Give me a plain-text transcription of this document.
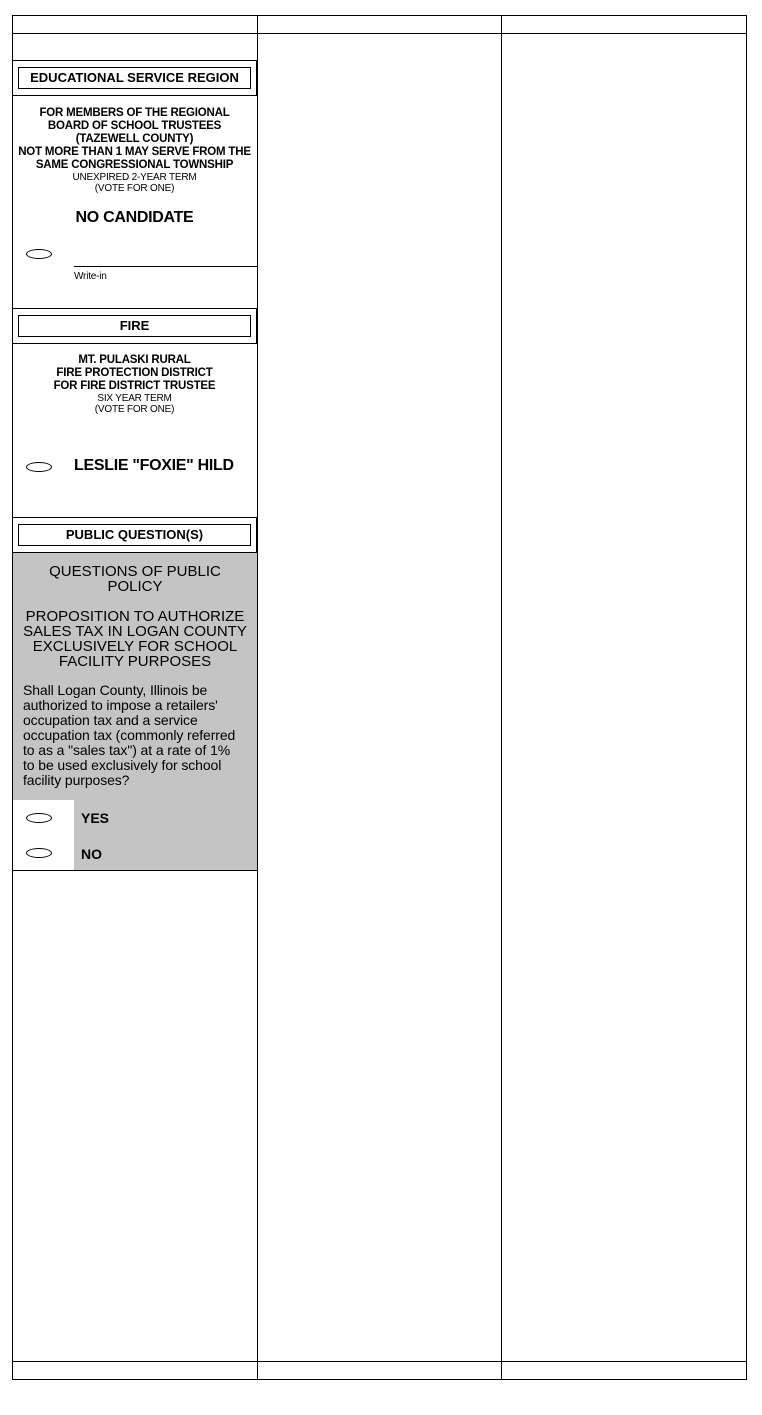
EDUCATIONAL SERVICE REGION
FOR MEMBERS OF THE REGIONAL
BOARD OF SCHOOL TRUSTEES
(TAZEWELL COUNTY)
NOT MORE THAN 1 MAY SERVE FROM THE
SAME CONGRESSIONAL TOWNSHIP
UNEXPIRED 2-YEAR TERM
(VOTE FOR ONE)
NO CANDIDATE
Write-in
FIRE
MT. PULASKI RURAL
FIRE PROTECTION DISTRICT
FOR FIRE DISTRICT TRUSTEE
SIX YEAR TERM
(VOTE FOR ONE)
LESLIE "FOXIE" HILD
PUBLIC QUESTION(S)
QUESTIONS OF PUBLIC POLICY
PROPOSITION TO AUTHORIZE SALES TAX IN LOGAN COUNTY EXCLUSIVELY FOR SCHOOL FACILITY PURPOSES
Shall Logan County, Illinois be authorized to impose a retailers' occupation tax and a service occupation tax (commonly referred to as a "sales tax") at a rate of 1% to be used exclusively for school facility purposes?
YES
NO
